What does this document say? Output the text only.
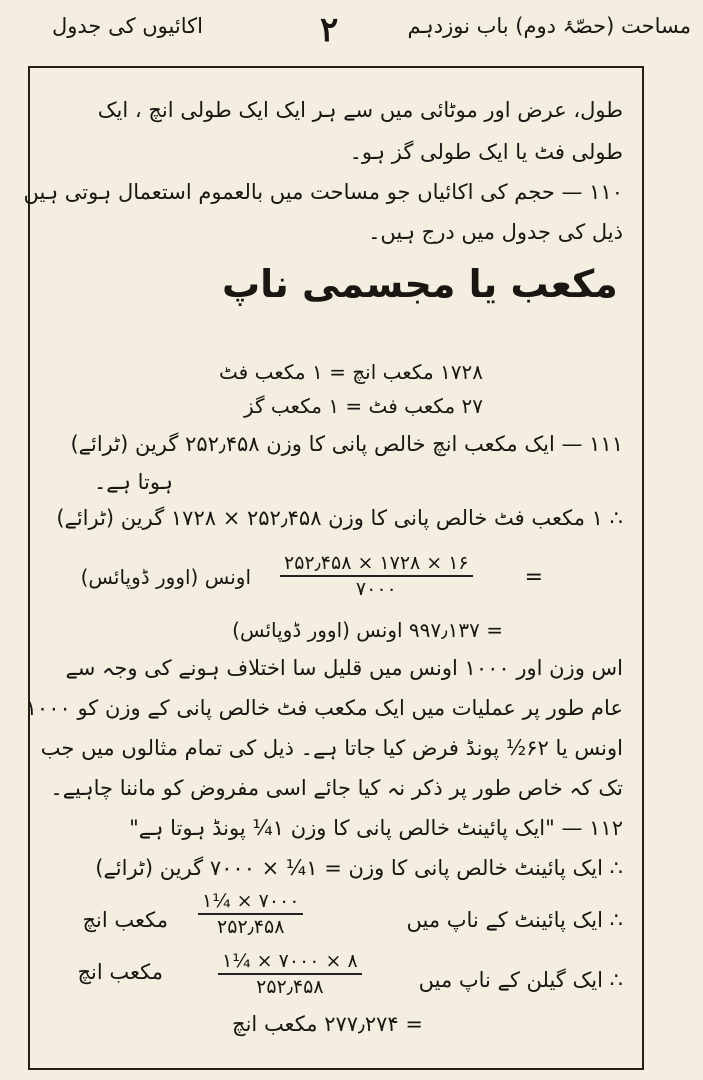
مساحت (حصّۂ دوم) باب نوزدہم
۲
اکائیوں کی جدول
طول، عرض اور موٹائی میں سے ہر ایک ایک طولی انچ ، ایک
طولی فٹ یا ایک طولی گز ہو۔
۱۱۰ — حجم کی اکائیاں جو مساحت میں بالعموم استعمال ہوتی ہیں
ذیل کی جدول میں درج ہیں۔
مکعب یا مجسمی ناپ
۱۷۲۸ مکعب انچ = ۱ مکعب فٹ
۲۷ مکعب فٹ = ۱ مکعب گز
۱۱۱ — ایک مکعب انچ خالص پانی کا وزن ۲۵۲٫۴۵۸ گرین (ٹرائے)
ہوتا ہے۔
∴ ۱ مکعب فٹ خالص پانی کا وزن ۲۵۲٫۴۵۸ × ۱۷۲۸ گرین (ٹرائے)
=
۲۵۲٫۴۵۸ × ۱۷۲۸ × ۱۶
۷۰۰۰
اونس (اوور ڈوپائس)
= ۹۹۷٫۱۳۷ اونس (اوور ڈوپائس)
اس وزن اور ۱۰۰۰ اونس میں قلیل سا اختلاف ہونے کی وجہ سے
عام طور پر عملیات میں ایک مکعب فٹ خالص پانی کے وزن کو ۱۰۰۰
اونس یا ۶۲½ پونڈ فرض کیا جاتا ہے۔ ذیل کی تمام مثالوں میں جب
تک کہ خاص طور پر ذکر نہ کیا جائے اسی مفروض کو ماننا چاہیے۔
۱۱۲ — "ایک پائینٹ خالص پانی کا وزن ۱¼ پونڈ ہوتا ہے"
∴ ایک پائینٹ خالص پانی کا وزن = ۱¼ × ۷۰۰۰ گرین (ٹرائے)
∴ ایک پائینٹ کے ناپ میں
۱¼ × ۷۰۰۰
۲۵۲٫۴۵۸
مکعب انچ
∴ ایک گیلن کے ناپ میں
۱¼ × ۷۰۰۰ × ۸
۲۵۲٫۴۵۸
مکعب انچ
= ۲۷۷٫۲۷۴ مکعب انچ
